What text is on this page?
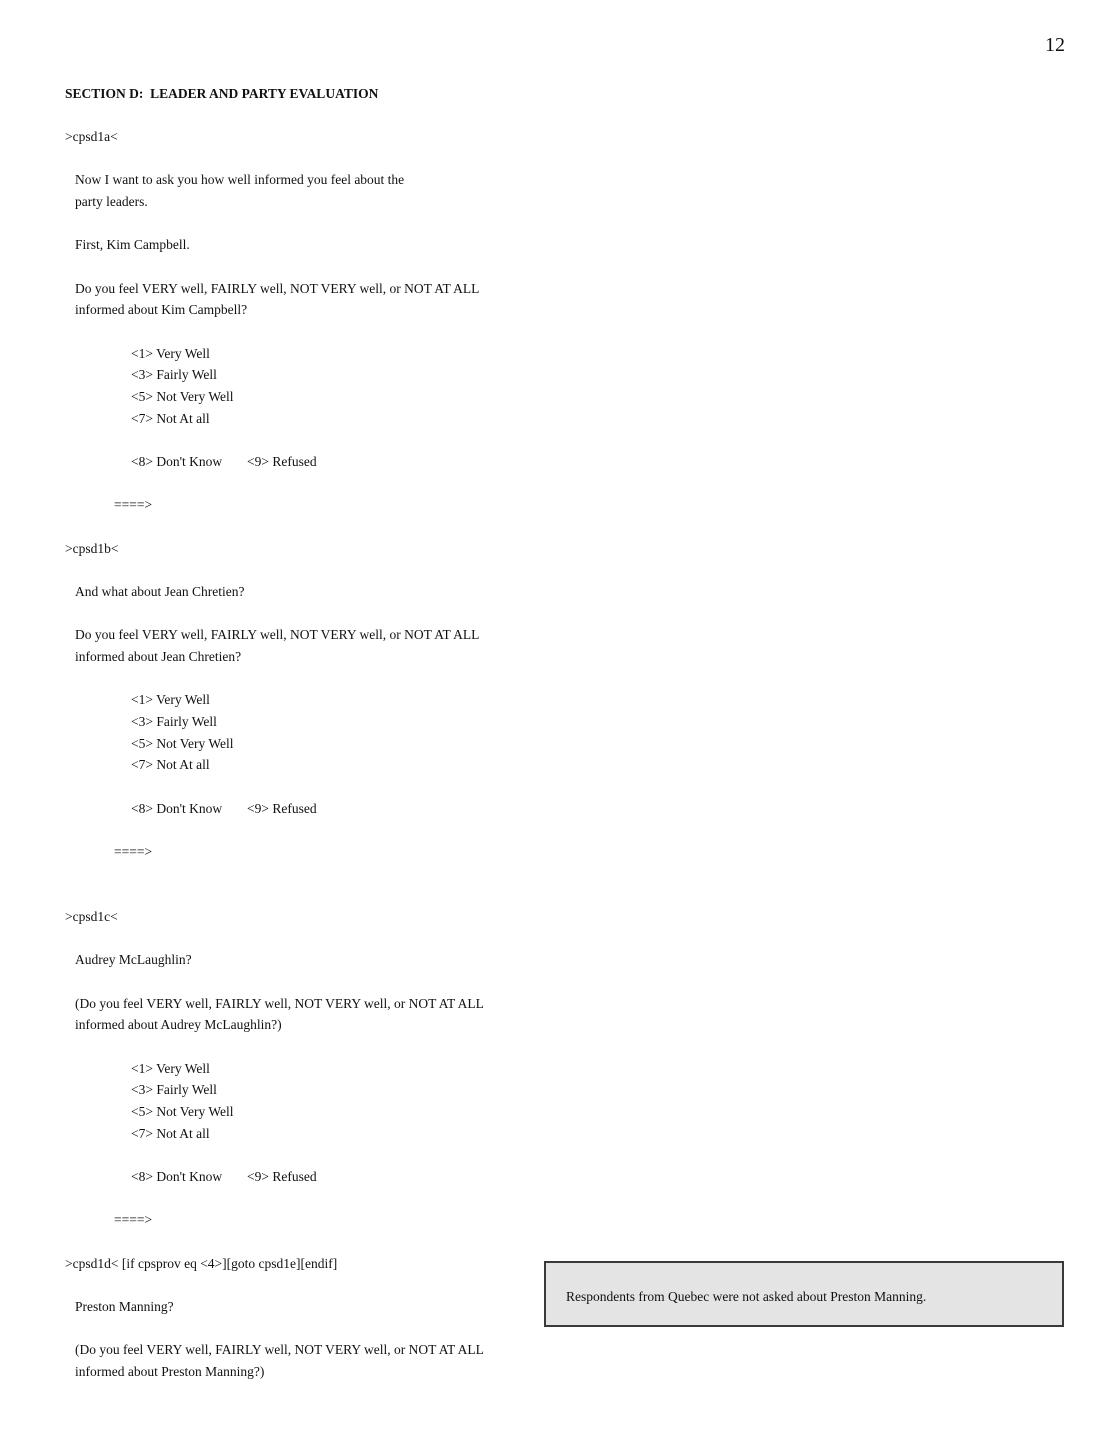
12
SECTION D:  LEADER AND PARTY EVALUATION
>cpsd1a<
Now I want to ask you how well informed you feel about the
party leaders.
First, Kim Campbell.
Do you feel VERY well, FAIRLY well, NOT VERY well, or NOT AT ALL
informed about Kim Campbell?
<1> Very Well
<3> Fairly Well
<5> Not Very Well
<7> Not At all
<8> Don't Know <9> Refused
====>
>cpsd1b<
And what about Jean Chretien?
Do you feel VERY well, FAIRLY well, NOT VERY well, or NOT AT ALL
informed about Jean Chretien?
<1> Very Well
<3> Fairly Well
<5> Not Very Well
<7> Not At all
<8> Don't Know <9> Refused
====>
>cpsd1c<
Audrey McLaughlin?
(Do you feel VERY well, FAIRLY well, NOT VERY well, or NOT AT ALL
informed about Audrey McLaughlin?)
<1> Very Well
<3> Fairly Well
<5> Not Very Well
<7> Not At all
<8> Don't Know <9> Refused
====>
>cpsd1d< [if cpsprov eq <4>][goto cpsd1e][endif]
Preston Manning?
(Do you feel VERY well, FAIRLY well, NOT VERY well, or NOT AT ALL
informed about Preston Manning?)
Respondents from Quebec were not asked about Preston Manning.
